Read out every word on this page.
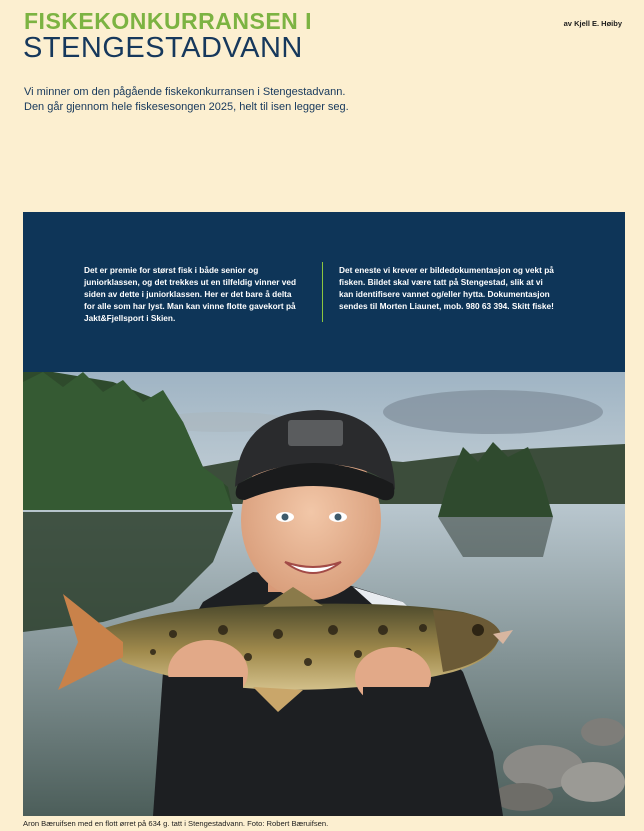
FISKEKONKURRANSEN I
STENGESTADVANN
av Kjell E. Høiby

Vi minner om den pågående fiskekonkurransen i Stengestadvann.

Den går gjennom hele fiskesesongen 2025, helt til isen legger seg.

Det er premie for størst fisk i både senior og juniorklassen, og det trekkes ut en tilfeldig vinner ved siden av dette i juniorklassen. Her er det bare å delta for alle som har lyst. Man kan vinne flotte gavekort på Jakt&Fjellsport i Skien.
Det eneste vi krever er bildedokumentasjon og vekt på fisken. Bildet skal være tatt på Stengestad, slik at vi kan identifisere vannet og/eller hytta. Dokumentasjon sendes til Morten Liaunet, mob. 980 63 394. Skitt fiske!
Aron Bæruifsen med en flott ørret på 634 g. tatt i Stengestadvann. Foto: Robert Bæruifsen.
